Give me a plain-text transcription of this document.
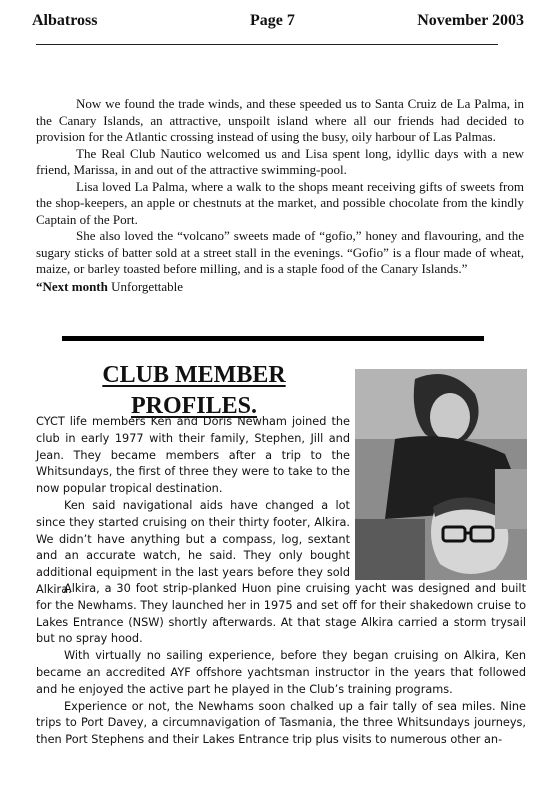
Albatross	Page 7	November 2003

Now we found the trade winds, and these speeded us to Santa Cruiz de La Palma, in the Canary Islands, an attractive, unspoilt island where all our friends had decided to provision for the Atlantic crossing instead of using the busy, oily harbour of Las Palmas.

The Real Club Nautico welcomed us and Lisa spent long, idyllic days with a new friend, Marissa, in and out of the attractive swimming-pool.

Lisa loved La Palma, where a walk to the shops meant receiving gifts of sweets from the shop-keepers, an apple or chestnuts at the market, and possible chocolate from the kindly Captain of the Port.

She also loved the “volcano” sweets made of “gofio,” honey and flavouring, and the sugary sticks of batter sold at a street stall in the evenings. “Gofio” is a flour made of wheat, maize, or barley toasted before milling, and is a staple food of the Canary Islands.”

“Next month Unforgettable

CLUB MEMBER
PROFILES.

CYCT life members Ken and Doris Newham joined the club in early 1977 with their family, Stephen, Jill and Jean. They became members after a trip to the Whitsundays, the first of three they were to take to the now popular tropical destination.

Ken said navigational aids have changed a lot since they started cruising on their thirty footer, Alkira. We didn’t have anything but a compass, log, sextant and an accurate watch, he said. They only bought additional equipment in the last years before they sold Alkira.

Alkira, a 30 foot strip-planked Huon pine cruising yacht was designed and built for the Newhams. They launched her in 1975 and set off for their shakedown cruise to Lakes Entrance (NSW) shortly afterwards. At that stage Alkira carried a storm trysail but no spray hood.

With virtually no sailing experience, before they began cruising on Alkira, Ken became an accredited AYF offshore yachtsman instructor in the years that followed and he enjoyed the active part he played in the Club’s training programs.

Experience or not, the Newhams soon chalked up a fair tally of sea miles. Nine trips to Port Davey, a circumnavigation of Tasmania, the three Whitsundays journeys, then Port Stephens and their Lakes Entrance trip plus visits to numerous other an-
